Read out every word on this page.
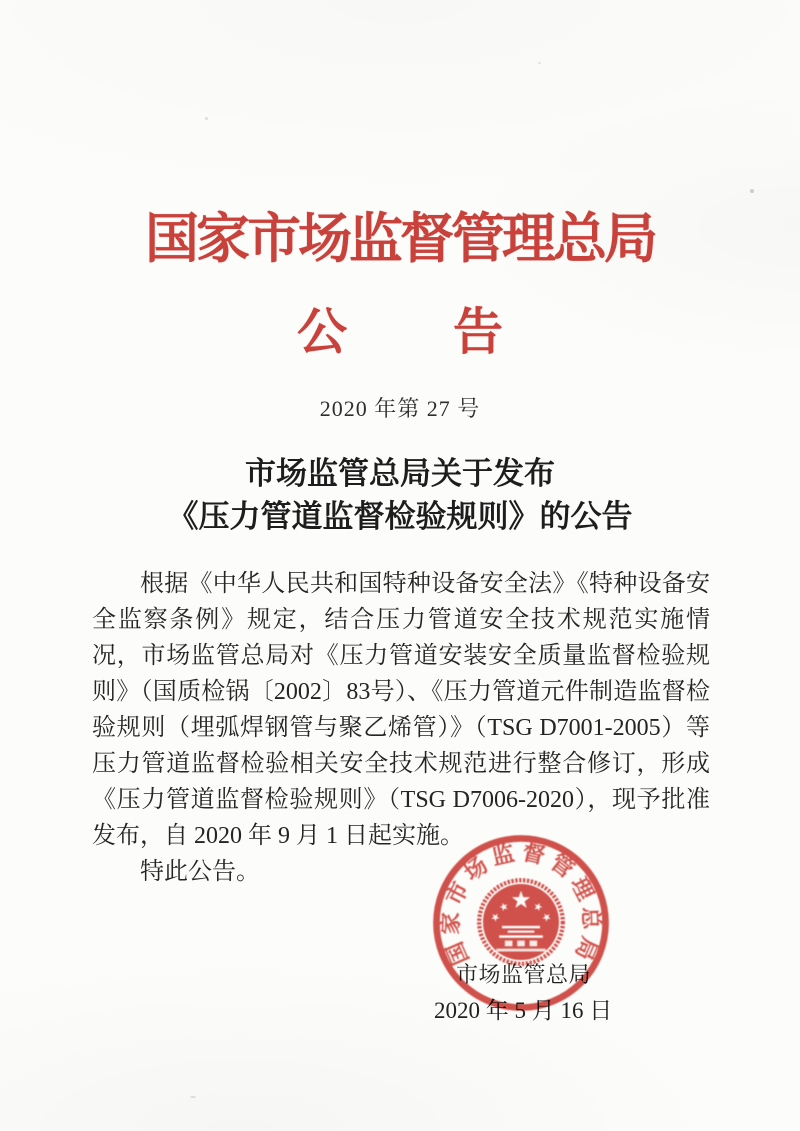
国家市场监督管理总局
公 告
2020 年第 27 号
市场监管总局关于发布
《压力管道监督检验规则》的公告

根据《中华人民共和国特种设备安全法》《特种设备安全监察条例》规定，结合压力管道安全技术规范实施情况，市场监管总局对《压力管道安装安全质量监督检验规则》（国质检锅〔2002〕83号）、《压力管道元件制造监督检验规则（埋弧焊钢管与聚乙烯管）》（TSG D7001-2005）等压力管道监督检验相关安全技术规范进行整合修订，形成《压力管道监督检验规则》（TSG D7006-2020），现予批准发布，自 2020 年 9 月 1 日起实施。

特此公告。

市场监管总局
2020 年 5 月 16 日
国家市场监督管理总局
